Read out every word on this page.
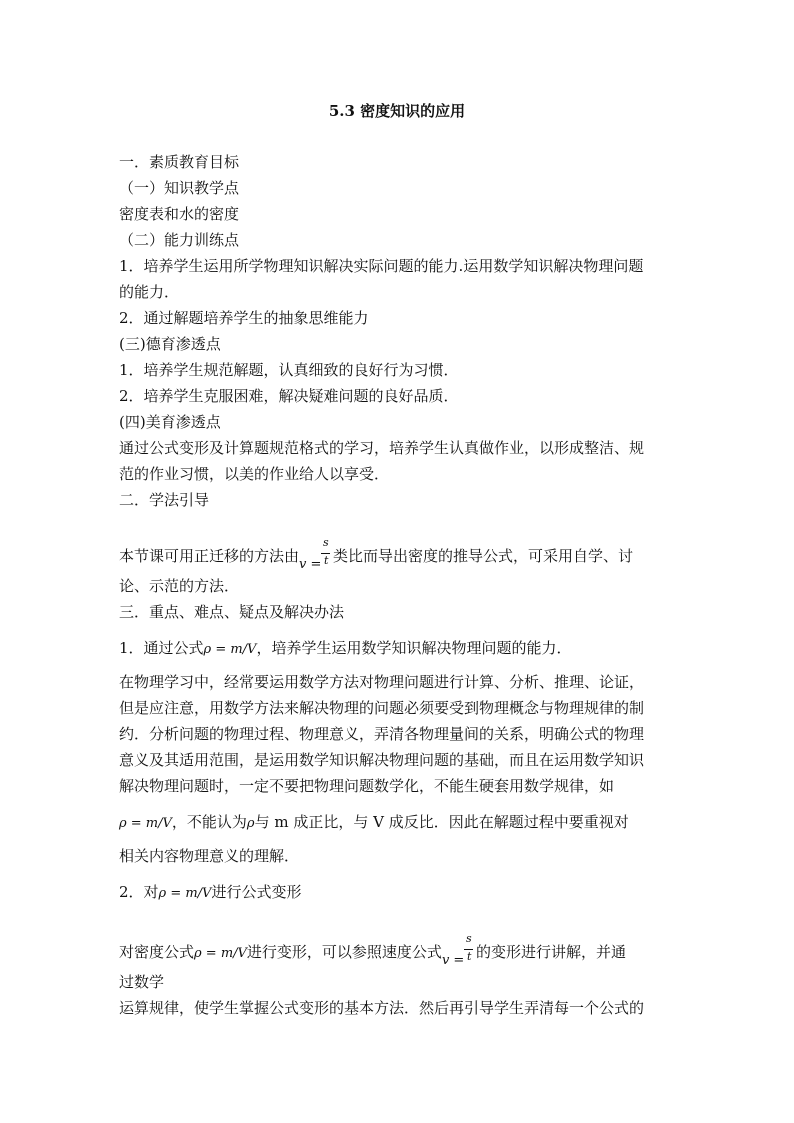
5.3 密度知识的应用
一．素质教育目标
（一）知识教学点
密度表和水的密度
（二）能力训练点
1．培养学生运用所学物理知识解决实际问题的能力.运用数学知识解决物理问题
的能力．
2．通过解题培养学生的抽象思维能力
(三)德育渗透点
1．培养学生规范解题，认真细致的良好行为习惯．
2．培养学生克服困难，解决疑难问题的良好品质．
(四)美育渗透点
通过公式变形及计算题规范格式的学习，培养学生认真做作业，以形成整洁、规
范的作业习惯，以美的作业给人以享受．
二．学法引导
本节课可用正迁移的方法由 v =
s
t 类比而导出密度的推导公式，可采用自学、讨
论、示范的方法．
三．重点、难点、疑点及解决办法
1．通过公式ρ = m/V，培养学生运用数学知识解决物理问题的能力．
在物理学习中，经常要运用数学方法对物理问题进行计算、分析、推理、论证，
但是应注意，用数学方法来解决物理的问题必须要受到物理概念与物理规律的制
约．分析问题的物理过程、物理意义，弄清各物理量间的关系，明确公式的物理
意义及其适用范围，是运用数学知识解决物理问题的基础，而且在运用数学知识
解决物理问题时，一定不要把物理问题数学化，不能生硬套用数学规律，如
ρ = m/V，不能认为ρ与 m 成正比，与 V 成反比．因此在解题过程中要重视对
相关内容物理意义的理解．
2．对ρ = m/V进行公式变形
对密度公式ρ = m/V进行变形，可以参照速度公式 v =
s
t 的变形进行讲解，并通
过数学
运算规律，使学生掌握公式变形的基本方法．然后再引导学生弄清每一个公式的
